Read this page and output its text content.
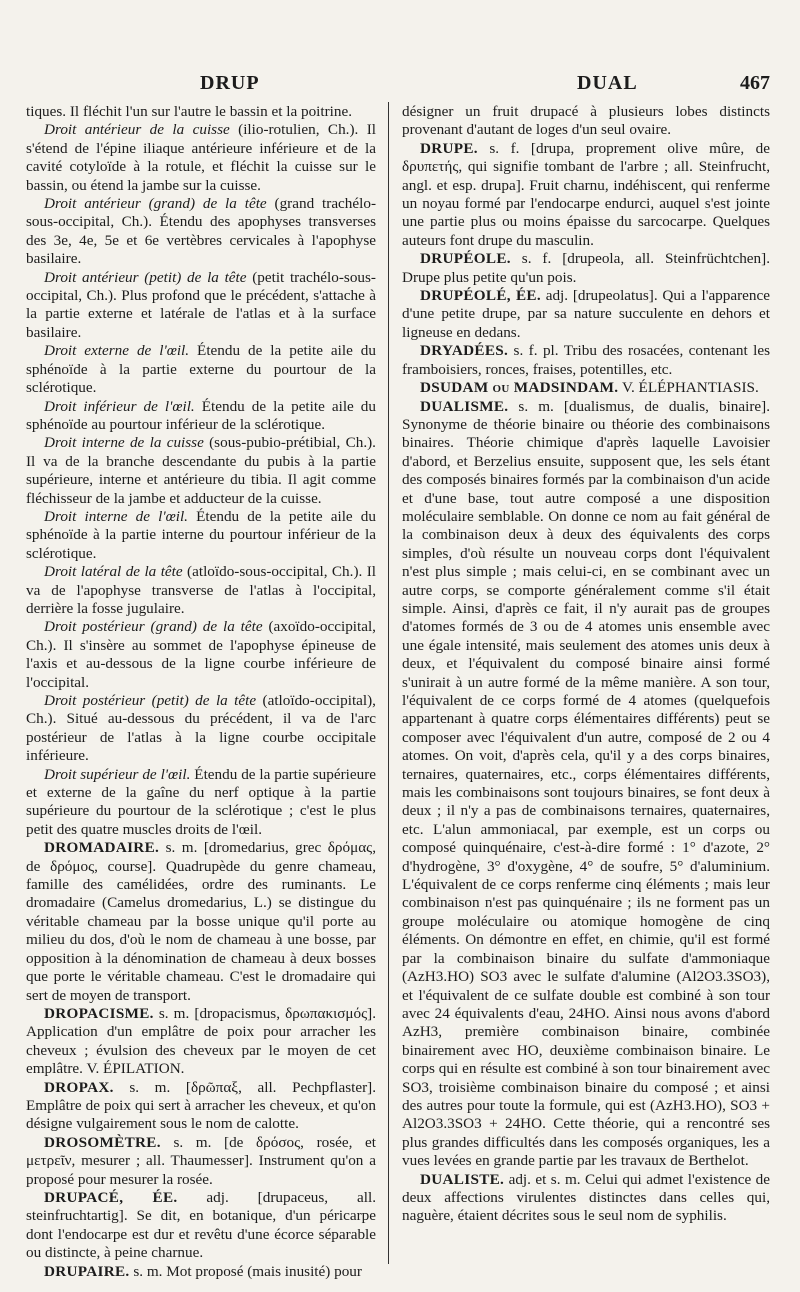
DRUP	DUAL	467

tiques. Il fléchit l'un sur l'autre le bassin et la poitrine.

Droit antérieur de la cuisse (ilio-rotulien, Ch.). Il s'étend de l'épine iliaque antérieure inférieure et de la cavité cotyloïde à la rotule, et fléchit la cuisse sur le bassin, ou étend la jambe sur la cuisse.

Droit antérieur (grand) de la tête (grand trachélo-sous-occipital, Ch.). Étendu des apophyses transverses des 3e, 4e, 5e et 6e vertèbres cervicales à l'apophyse basilaire.

Droit antérieur (petit) de la tête (petit trachélo-sous-occipital, Ch.). Plus profond que le précédent, s'attache à la partie externe et latérale de l'atlas et à la surface basilaire.

Droit externe de l'œil. Étendu de la petite aile du sphénoïde à la partie externe du pourtour de la sclérotique.

Droit inférieur de l'œil. Étendu de la petite aile du sphénoïde au pourtour inférieur de la sclérotique.

Droit interne de la cuisse (sous-pubio-prétibial, Ch.). Il va de la branche descendante du pubis à la partie supérieure, interne et antérieure du tibia. Il agit comme fléchisseur de la jambe et adducteur de la cuisse.

Droit interne de l'œil. Étendu de la petite aile du sphénoïde à la partie interne du pourtour inférieur de la sclérotique.

Droit latéral de la tête (atloïdo-sous-occipital, Ch.). Il va de l'apophyse transverse de l'atlas à l'occipital, derrière la fosse jugulaire.

Droit postérieur (grand) de la tête (axoïdo-occipital, Ch.). Il s'insère au sommet de l'apophyse épineuse de l'axis et au-dessous de la ligne courbe inférieure de l'occipital.

Droit postérieur (petit) de la tête (atloïdo-occipital), Ch.). Situé au-dessous du précédent, il va de l'arc postérieur de l'atlas à la ligne courbe occipitale inférieure.

Droit supérieur de l'œil. Étendu de la partie supérieure et externe de la gaîne du nerf optique à la partie supérieure du pourtour de la sclérotique ; c'est le plus petit des quatre muscles droits de l'œil.

DROMADAIRE. s. m. [dromedarius, grec δρόμας, de δρόμος, course]. Quadrupède du genre chameau, famille des camélidées, ordre des ruminants. Le dromadaire (Camelus dromedarius, L.) se distingue du véritable chameau par la bosse unique qu'il porte au milieu du dos, d'où le nom de chameau à une bosse, par opposition à la dénomination de chameau à deux bosses que porte le véritable chameau. C'est le dromadaire qui sert de moyen de transport.

DROPACISME. s. m. [dropacismus, δρωπακισμός]. Application d'un emplâtre de poix pour arracher les cheveux ; évulsion des cheveux par le moyen de cet emplâtre. V. ÉPILATION.

DROPAX. s. m. [δρῶπαξ, all. Pechpflaster]. Emplâtre de poix qui sert à arracher les cheveux, et qu'on désigne vulgairement sous le nom de calotte.

DROSOMÈTRE. s. m. [de δρόσος, rosée, et μετρεῖν, mesurer ; all. Thaumesser]. Instrument qu'on a proposé pour mesurer la rosée.

DRUPACÉ, ÉE. adj. [drupaceus, all. steinfruchtartig]. Se dit, en botanique, d'un péricarpe dont l'endocarpe est dur et revêtu d'une écorce séparable ou distincte, à peine charnue.

DRUPAIRE. s. m. Mot proposé (mais inusité) pour

désigner un fruit drupacé à plusieurs lobes distincts provenant d'autant de loges d'un seul ovaire.

DRUPE. s. f. [drupa, proprement olive mûre, de δρυπετής, qui signifie tombant de l'arbre ; all. Steinfrucht, angl. et esp. drupa]. Fruit charnu, indéhiscent, qui renferme un noyau formé par l'endocarpe endurci, auquel s'est jointe une partie plus ou moins épaisse du sarcocarpe. Quelques auteurs font drupe du masculin.

DRUPÉOLE. s. f. [drupeola, all. Steinfrüchtchen]. Drupe plus petite qu'un pois.

DRUPÉOLÉ, ÉE. adj. [drupeolatus]. Qui a l'apparence d'une petite drupe, par sa nature succulente en dehors et ligneuse en dedans.

DRYADÉES. s. f. pl. Tribu des rosacées, contenant les framboisiers, ronces, fraises, potentilles, etc.

DSUDAM ou MADSINDAM. V. ÉLÉPHANTIASIS.

DUALISME. s. m. [dualismus, de dualis, binaire]. Synonyme de théorie binaire ou théorie des combinaisons binaires. Théorie chimique d'après laquelle Lavoisier d'abord, et Berzelius ensuite, supposent que, les sels étant des composés binaires formés par la combinaison d'un acide et d'une base, tout autre composé a une disposition moléculaire semblable. On donne ce nom au fait général de la combinaison deux à deux des équivalents des corps simples, d'où résulte un nouveau corps dont l'équivalent n'est plus simple ; mais celui-ci, en se combinant avec un autre corps, se comporte généralement comme s'il était simple. Ainsi, d'après ce fait, il n'y aurait pas de groupes d'atomes formés de 3 ou de 4 atomes unis ensemble avec une égale intensité, mais seulement des atomes unis deux à deux, et l'équivalent du composé binaire ainsi formé s'unirait à un autre formé de la même manière. A son tour, l'équivalent de ce corps formé de 4 atomes (quelquefois appartenant à quatre corps élémentaires différents) peut se composer avec l'équivalent d'un autre, composé de 2 ou 4 atomes. On voit, d'après cela, qu'il y a des corps binaires, ternaires, quaternaires, etc., corps élémentaires différents, mais les combinaisons sont toujours binaires, se font deux à deux ; il n'y a pas de combinaisons ternaires, quaternaires, etc. L'alun ammoniacal, par exemple, est un corps ou composé quinquénaire, c'est-à-dire formé : 1° d'azote, 2° d'hydrogène, 3° d'oxygène, 4° de soufre, 5° d'aluminium. L'équivalent de ce corps renferme cinq éléments ; mais leur combinaison n'est pas quinquénaire ; ils ne forment pas un groupe moléculaire ou atomique homogène de cinq éléments. On démontre en effet, en chimie, qu'il est formé par la combinaison binaire du sulfate d'ammoniaque (AzH3.HO) SO3 avec le sulfate d'alumine (Al2O3.3SO3), et l'équivalent de ce sulfate double est combiné à son tour avec 24 équivalents d'eau, 24HO. Ainsi nous avons d'abord AzH3, première combinaison binaire, combinée binairement avec HO, deuxième combinaison binaire. Le corps qui en résulte est combiné à son tour binairement avec SO3, troisième combinaison binaire du composé ; et ainsi des autres pour toute la formule, qui est (AzH3.HO), SO3 + Al2O3.3SO3 + 24HO. Cette théorie, qui a rencontré ses plus grandes difficultés dans les composés organiques, les a vues levées en grande partie par les travaux de Berthelot.

DUALISTE. adj. et s. m. Celui qui admet l'existence de deux affections virulentes distinctes dans celles qui, naguère, étaient décrites sous le seul nom de syphilis.
